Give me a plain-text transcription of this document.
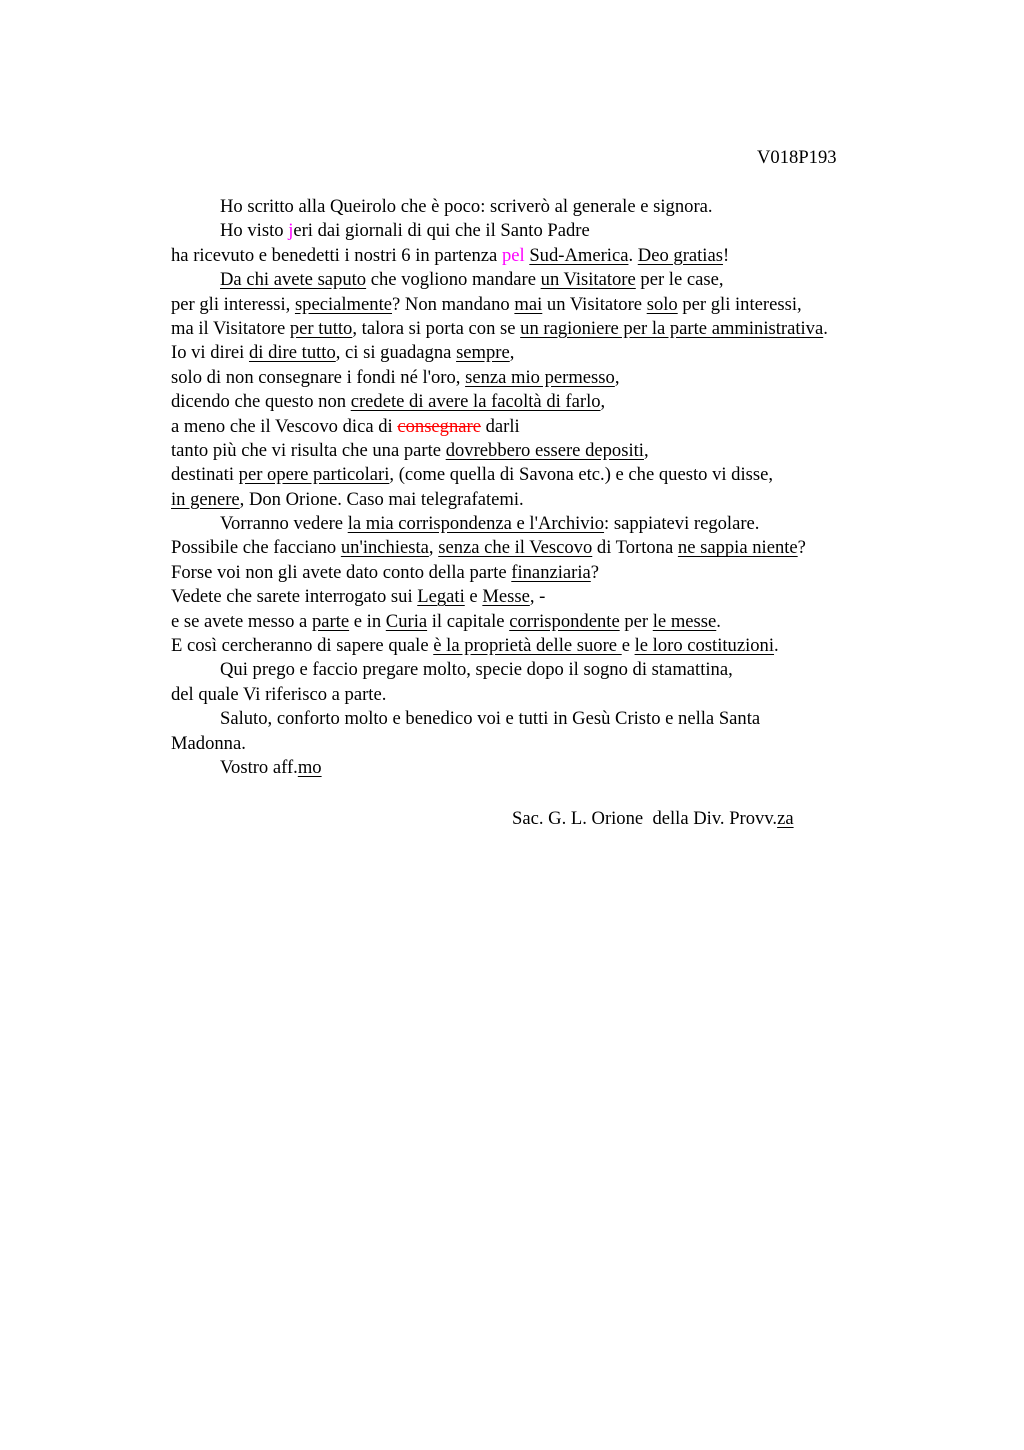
V018P193
Ho scritto alla Queirolo che è poco: scriverò al generale e signora.
Ho visto jeri dai giornali di qui che il Santo Padre
ha ricevuto e benedetti i nostri 6 in partenza pel Sud-America. Deo gratias!
Da chi avete saputo che vogliono mandare un Visitatore per le case,
per gli interessi, specialmente? Non mandano mai un Visitatore solo per gli interessi,
ma il Visitatore per tutto, talora si porta con se un ragioniere per la parte amministrativa.
Io vi direi di dire tutto, ci si guadagna sempre,
solo di non consegnare i fondi né l'oro, senza mio permesso,
dicendo che questo non credete di avere la facoltà di farlo,
a meno che il Vescovo dica di consegnare darli
tanto più che vi risulta che una parte dovrebbero essere depositi,
destinati per opere particolari, (come quella di Savona etc.) e che questo vi disse,
in genere, Don Orione. Caso mai telegrafatemi.
Vorranno vedere la mia corrispondenza e l'Archivio: sappiatevi regolare.
Possibile che facciano un'inchiesta, senza che il Vescovo di Tortona ne sappia niente?
Forse voi non gli avete dato conto della parte finanziaria?
Vedete che sarete interrogato sui Legati e Messe, -
e se avete messo a parte e in Curia il capitale corrispondente per le messe.
E così cercheranno di sapere quale è la proprietà delle suore e le loro costituzioni.
Qui prego e faccio pregare molto, specie dopo il sogno di stamattina,
del quale Vi riferisco a parte.
Saluto, conforto molto e benedico voi e tutti in Gesù Cristo e nella Santa
Madonna.
Vostro aff.mo
Sac. G. L. Orione  della Div. Provv.za
